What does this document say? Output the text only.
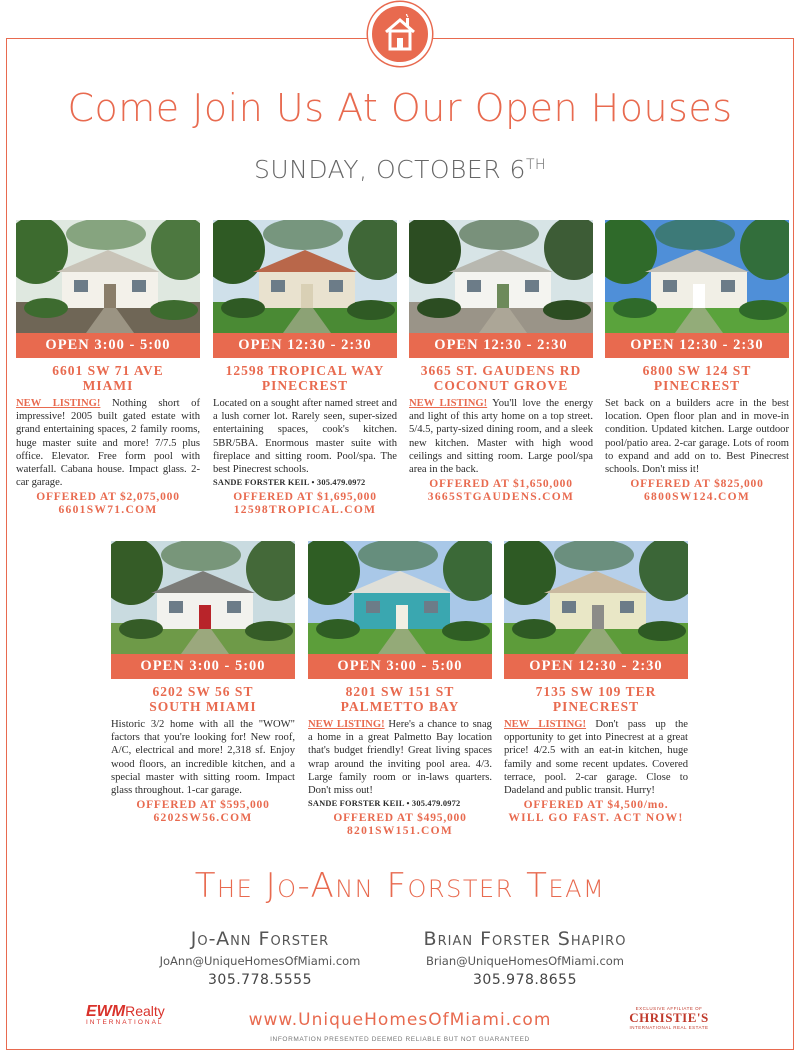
Come Join Us At Our Open Houses
SUNDAY, OCTOBER 6TH
OPEN 3:00 - 5:00
6601 SW 71 AVE
MIAMI
NEW LISTING! Nothing short of impressive! 2005 built gated estate with grand entertaining spaces, 2 family rooms, huge master suite and more! 7/7.5 plus office. Elevator. Free form pool with waterfall. Cabana house. Impact glass. 2-car garage.
OFFERED AT $2,075,000
6601SW71.COM
OPEN 12:30 - 2:30
12598 TROPICAL WAY
PINECREST
Located on a sought after named street and a lush corner lot. Rarely seen, super-sized entertaining spaces, cook's kitchen. 5BR/5BA. Enormous master suite with fireplace and sitting room. Pool/spa. The best Pinecrest schools.
SANDE FORSTER KEIL • 305.479.0972
OFFERED AT $1,695,000
12598TROPICAL.COM
OPEN 12:30 - 2:30
3665 ST. GAUDENS RD
COCONUT GROVE
NEW LISTING! You'll love the energy and light of this arty home on a top street. 5/4.5, party-sized dining room, and a sleek new kitchen. Master with high wood ceilings and sitting room. Large pool/spa area in the back.
OFFERED AT $1,650,000
3665STGAUDENS.COM
OPEN 12:30 - 2:30
6800 SW 124 ST
PINECREST
Set back on a builders acre in the best location. Open floor plan and in move-in condition. Updated kitchen. Large outdoor pool/patio area. 2-car garage. Lots of room to expand and add on to. Best Pinecrest schools. Don't miss it!
OFFERED AT $825,000
6800SW124.COM
OPEN 3:00 - 5:00
6202 SW 56 ST
SOUTH MIAMI
Historic 3/2 home with all the "WOW" factors that you're looking for! New roof, A/C, electrical and more! 2,318 sf. Enjoy wood floors, an incredible kitchen, and a special master with sitting room. Impact glass throughout. 1-car garage.
OFFERED AT $595,000
6202SW56.COM
OPEN 3:00 - 5:00
8201 SW 151 ST
PALMETTO BAY
NEW LISTING! Here's a chance to snag a home in a great Palmetto Bay location that's budget friendly! Great living spaces wrap around the inviting pool area. 4/3. Large family room or in-laws quarters. Don't miss out!
SANDE FORSTER KEIL • 305.479.0972
OFFERED AT $495,000
8201SW151.COM
OPEN 12:30 - 2:30
7135 SW 109 TER
PINECREST
NEW LISTING! Don't pass up the opportunity to get into Pinecrest at a great price! 4/2.5 with an eat-in kitchen, huge family and some recent updates. Covered terrace, pool. 2-car garage. Close to Dadeland and public transit. Hurry!
OFFERED AT $4,500/mo.
WILL GO FAST. ACT NOW!
The Jo-Ann Forster Team
Jo-Ann Forster
JoAnn@UniqueHomesOfMiami.com
305.778.5555
Brian Forster Shapiro
Brian@UniqueHomesOfMiami.com
305.978.8655
EWMRealty
INTERNATIONAL	www.UniqueHomesOfMiami.com
INFORMATION PRESENTED DEEMED RELIABLE BUT NOT GUARANTEED
EXCLUSIVE AFFILIATE OF
CHRISTIE'S
INTERNATIONAL REAL ESTATE
